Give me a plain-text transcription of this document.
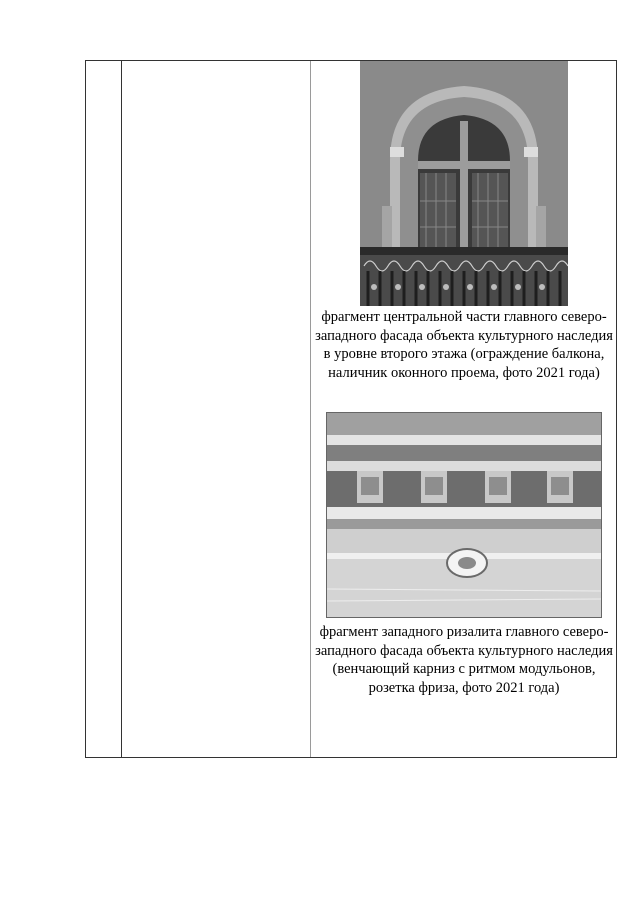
фрагмент центральной части главного северо-западного фасада объекта культурного наследия в уровне второго этажа (ограждение балкона, наличник оконного проема, фото 2021 года)
фрагмент западного ризалита главного северо-западного фасада объекта культурного наследия (венчающий карниз с ритмом модульонов, розетка фриза, фото 2021 года)
